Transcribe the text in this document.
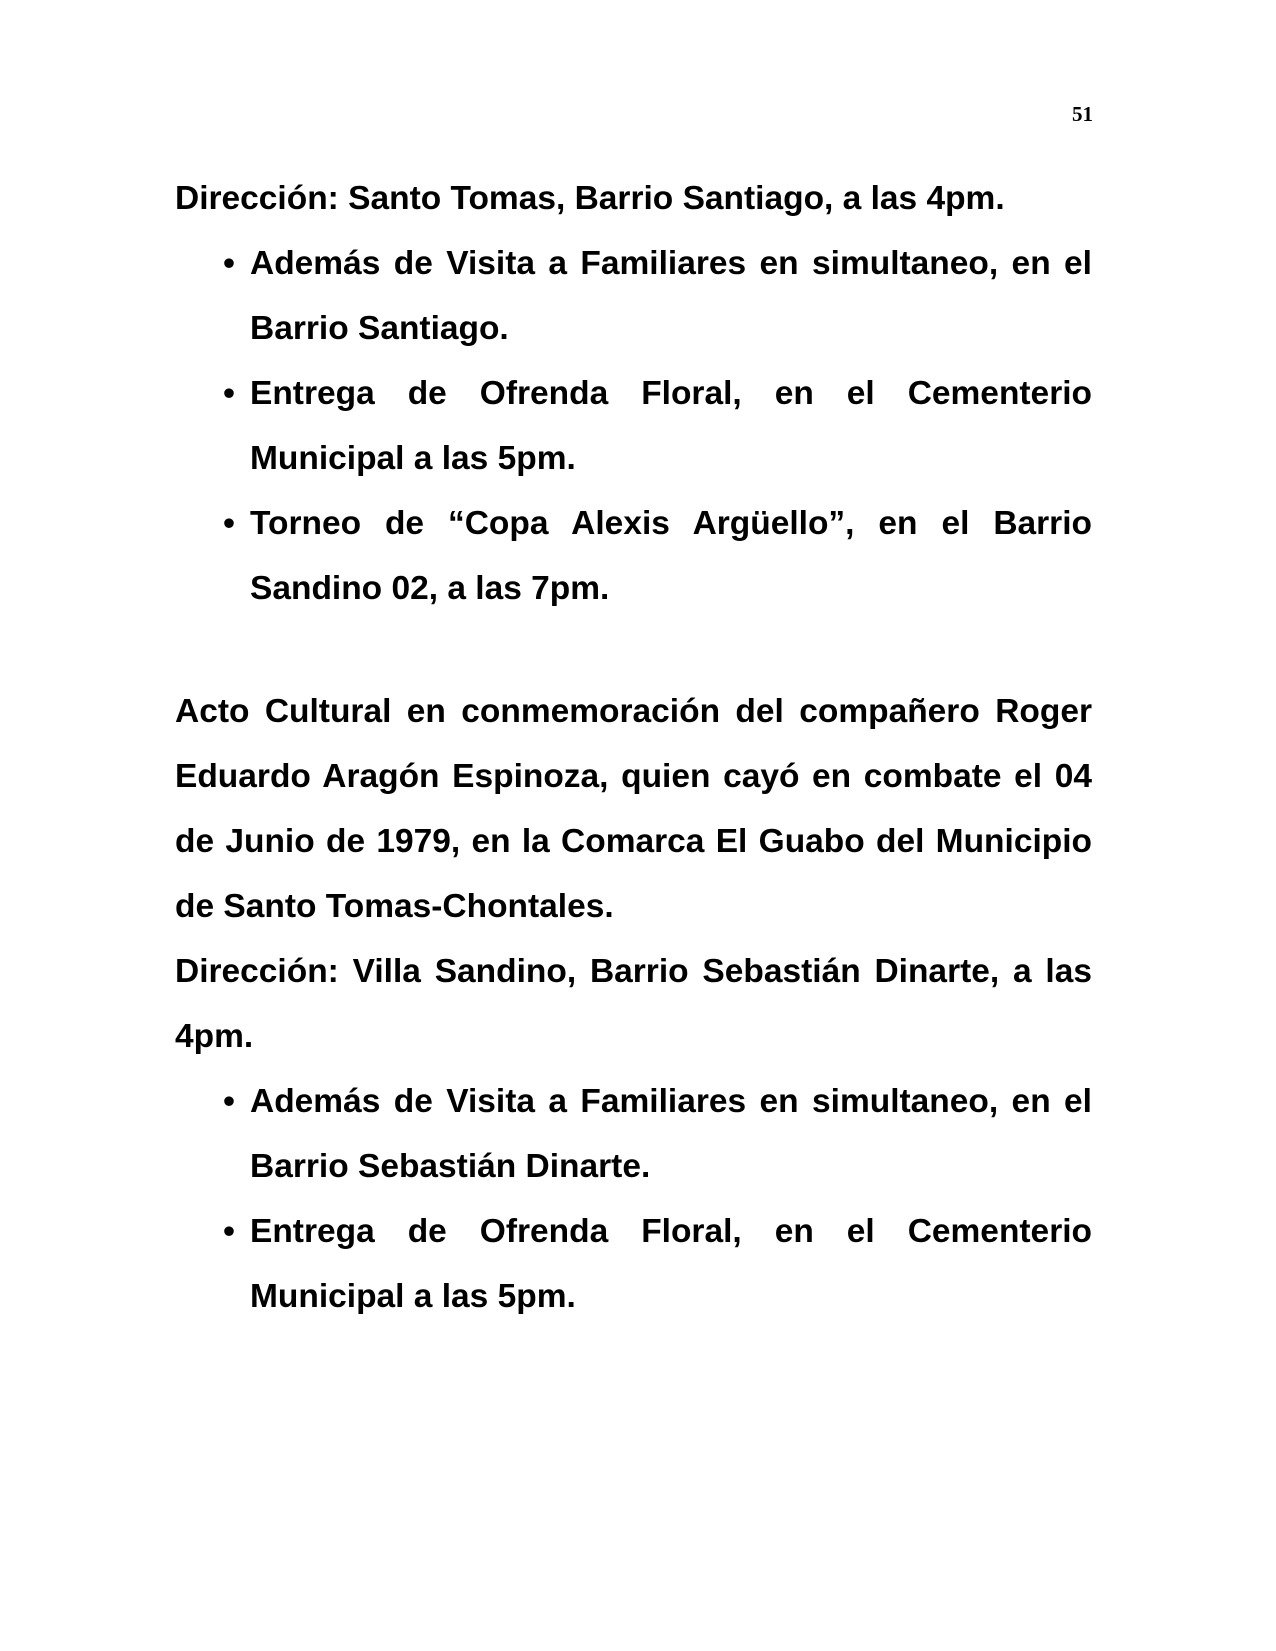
51

Dirección: Santo Tomas, Barrio Santiago, a las 4pm.

• Además de Visita a Familiares en simultaneo, en el Barrio Santiago.
• Entrega de Ofrenda Floral, en el Cementerio Municipal a las 5pm.
• Torneo de “Copa Alexis Argüello”, en el Barrio Sandino 02, a las 7pm.

Acto Cultural en conmemoración del compañero Roger Eduardo Aragón Espinoza, quien cayó en combate el 04 de Junio de 1979, en la Comarca El Guabo del Municipio de Santo Tomas-Chontales.

Dirección: Villa Sandino, Barrio Sebastián Dinarte, a las 4pm.

• Además de Visita a Familiares en simultaneo, en el Barrio Sebastián Dinarte.
• Entrega de Ofrenda Floral, en el Cementerio Municipal a las 5pm.
